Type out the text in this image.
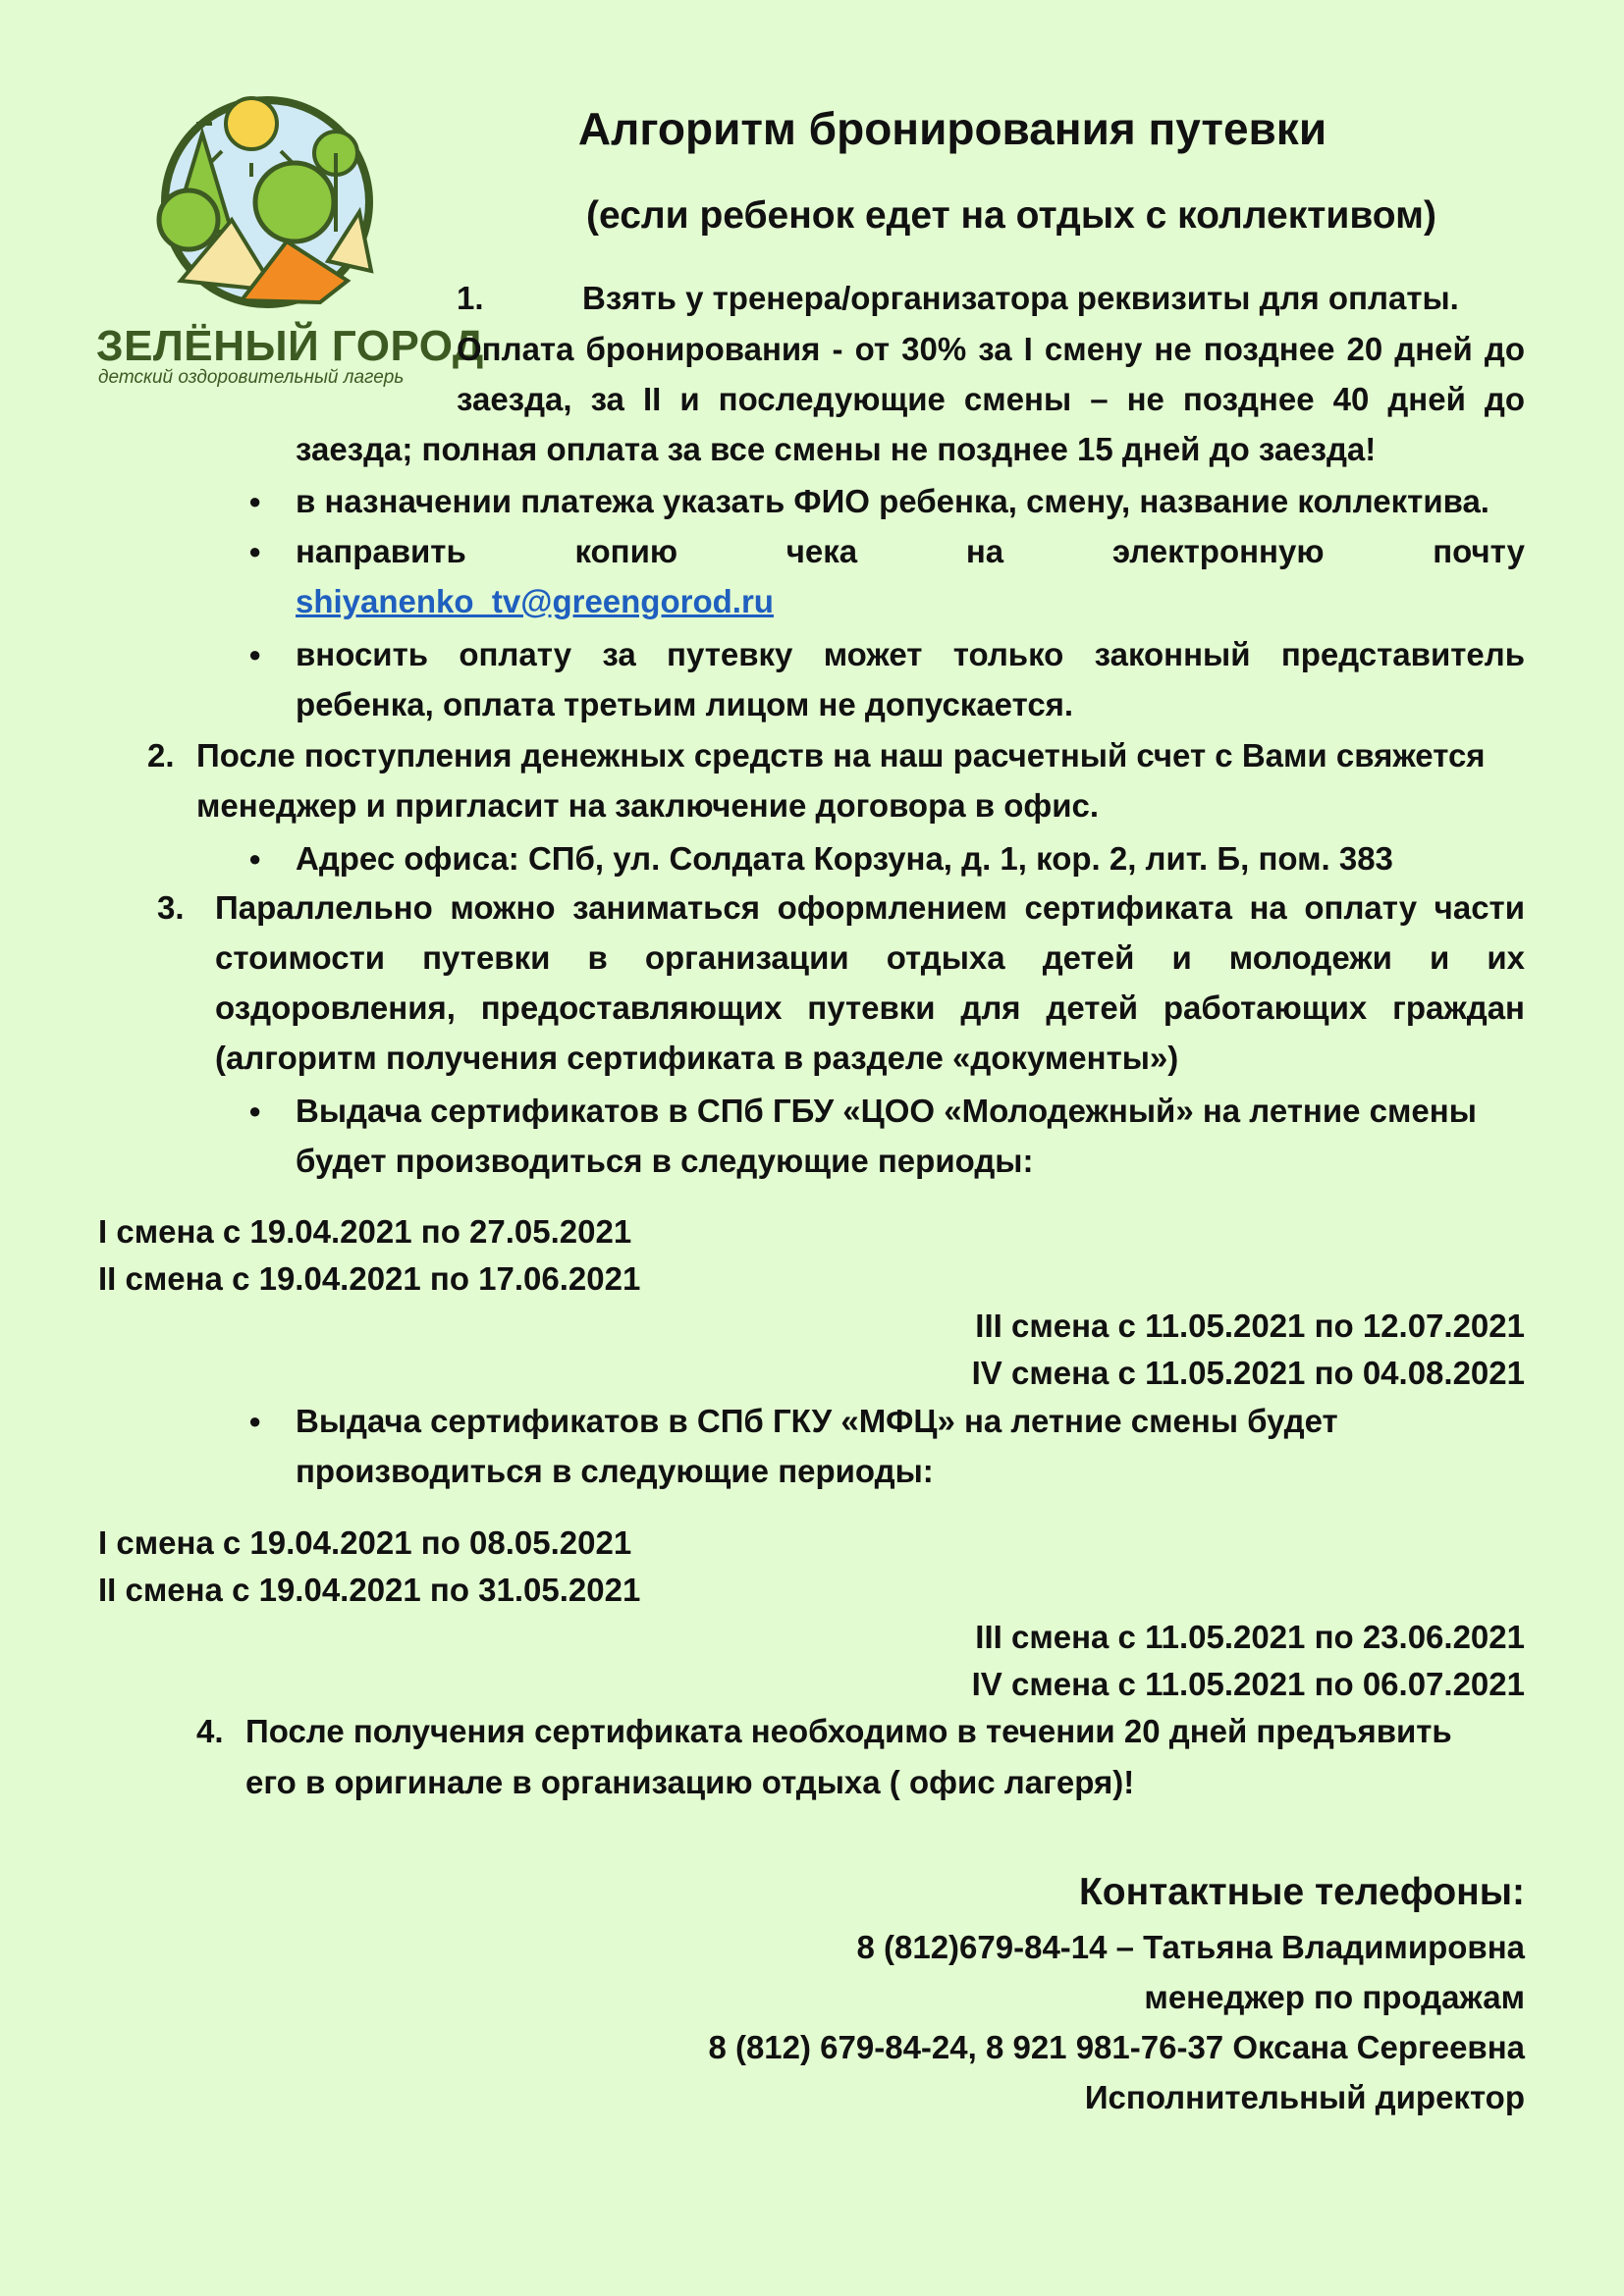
ЗЕЛЁНЫЙ ГОРОД
детский оздоровительный лагерь
Алгоритм бронирования путевки
(если ребенок едет на отдых с коллективом)
1.	Взять у тренера/организатора реквизиты для оплаты.
Оплата бронирования - от 30% за I смену не позднее 20 дней до
заезда, за II и последующие смены – не позднее 40 дней до
заезда; полная оплата за все смены не позднее 15 дней до заезда!
● в назначении платежа указать ФИО ребенка, смену, название коллектива.
● направить	копию	чека	на	электронную	почту
shiyanenko_tv@greengorod.ru
● вносить оплату за путевку может только законный представитель
ребенка, оплата третьим лицом не допускается.
2. После поступления денежных средств на наш расчетный счет с Вами свяжется
менеджер и пригласит на заключение договора в офис.
● Адрес офиса: СПб, ул. Солдата Корзуна, д. 1, кор. 2, лит. Б, пом. 383
3. Параллельно можно заниматься оформлением сертификата на оплату части
стоимости путевки в организации отдыха детей и молодежи и их
оздоровления, предоставляющих путевки для детей работающих граждан
(алгоритм получения сертификата в разделе «документы»)
● Выдача сертификатов в СПб ГБУ «ЦОО «Молодежный» на летние смены
будет производиться в следующие периоды:
I смена с 19.04.2021 по 27.05.2021
II смена с 19.04.2021 по 17.06.2021
III смена с 11.05.2021 по 12.07.2021
IV смена с 11.05.2021 по 04.08.2021
● Выдача сертификатов в СПб ГКУ «МФЦ» на летние смены будет
производиться в следующие периоды:
I смена с 19.04.2021 по 08.05.2021
II смена с 19.04.2021 по 31.05.2021
III смена с 11.05.2021 по 23.06.2021
IV смена с 11.05.2021 по 06.07.2021
4. После получения сертификата необходимо в течении 20 дней предъявить
его в оригинале в организацию отдыха ( офис лагеря)!
Контактные телефоны:
8 (812)679-84-14 – Татьяна Владимировна
менеджер по продажам
8 (812) 679-84-24, 8 921 981-76-37 Оксана Сергеевна
Исполнительный директор
